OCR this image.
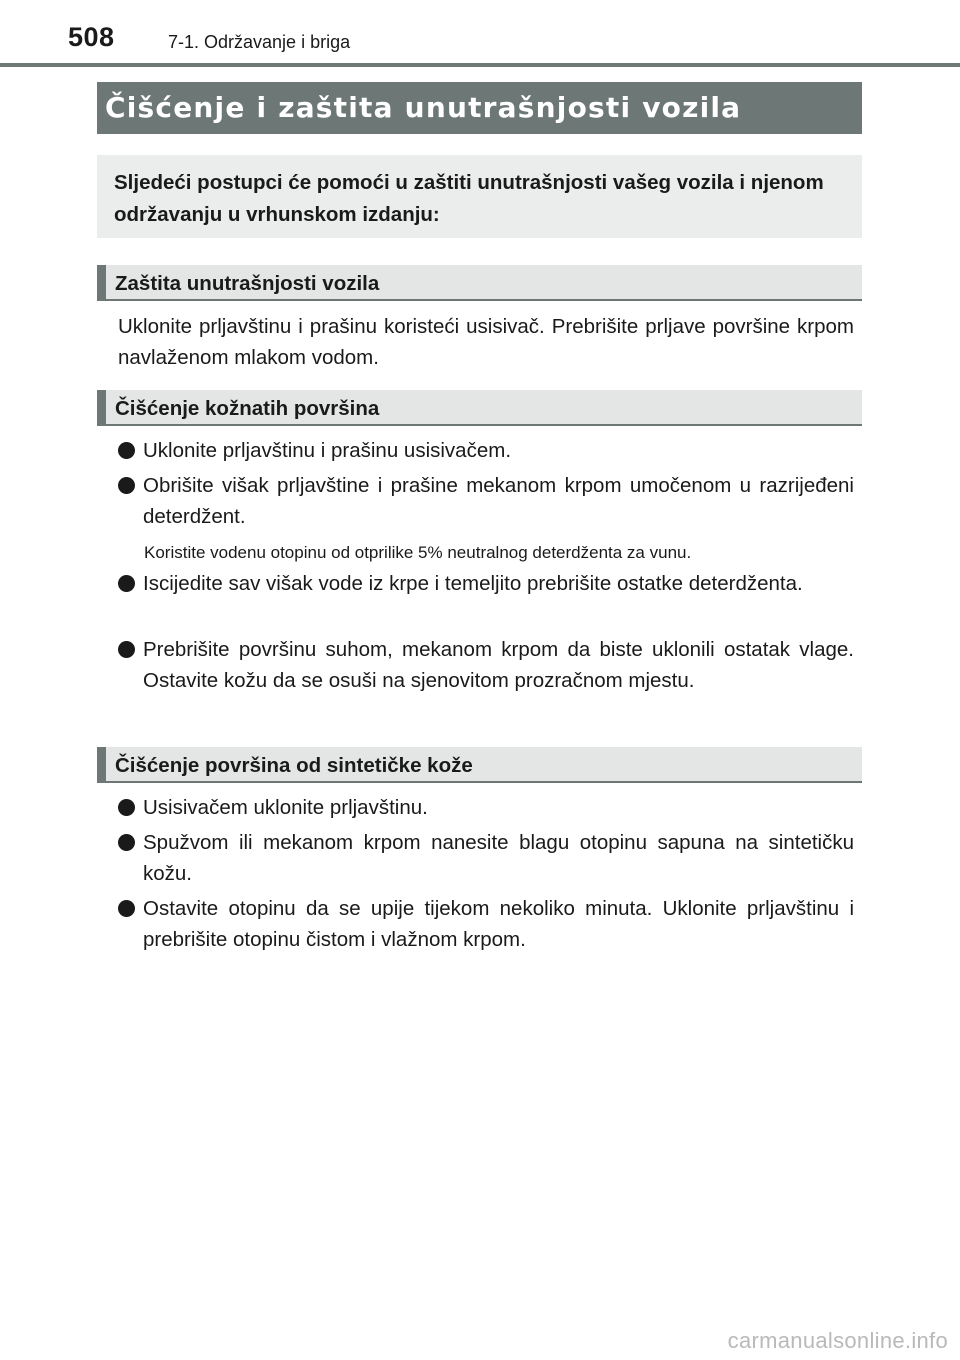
508	7-1. Održavanje i briga
Čišćenje i zaštita unutrašnjosti vozila
Sljedeći postupci će pomoći u zaštiti unutrašnjosti vašeg vozila i njenom održavanju u vrhunskom izdanju:
Zaštita unutrašnjosti vozila
Uklonite prljavštinu i prašinu koristeći usisivač. Prebrišite prljave površine krpom navlaženom mlakom vodom.
Čišćenje kožnatih površina
Uklonite prljavštinu i prašinu usisivačem.
Obrišite višak prljavštine i prašine mekanom krpom umočenom u razrijeđeni deterdžent.
Koristite vodenu otopinu od otprilike 5% neutralnog deterdženta za vunu.
Iscijedite sav višak vode iz krpe i temeljito prebrišite ostatke deterdženta.
Prebrišite površinu suhom, mekanom krpom da biste uklonili ostatak vlage. Ostavite kožu da se osuši na sjenovitom prozračnom mjestu.
Čišćenje površina od sintetičke kože
Usisivačem uklonite prljavštinu.
Spužvom ili mekanom krpom nanesite blagu otopinu sapuna na sintetičku kožu.
Ostavite otopinu da se upije tijekom nekoliko minuta. Uklonite prljavštinu i prebrišite otopinu čistom i vlažnom krpom.
carmanualsonline.info
